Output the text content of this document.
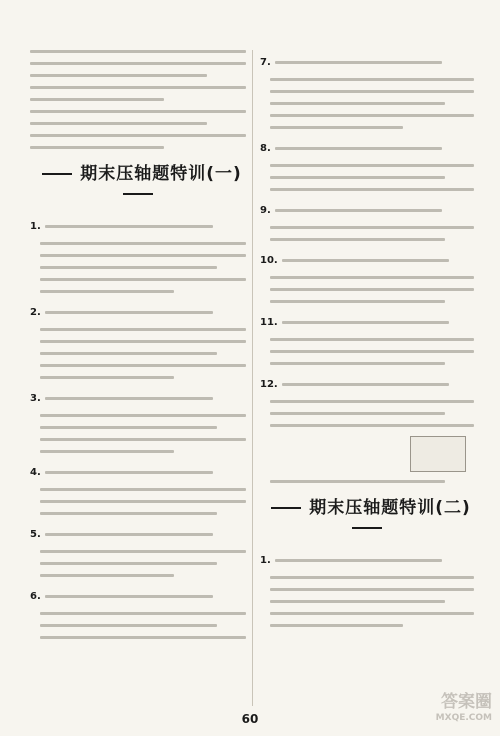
期末压轴题特训(一)
1.
2.
3.
4.
5.
6.
7.
8.
9.
10.
11.
12.
期末压轴题特训(二)
1.
60
答案圈
MXQE.COM
